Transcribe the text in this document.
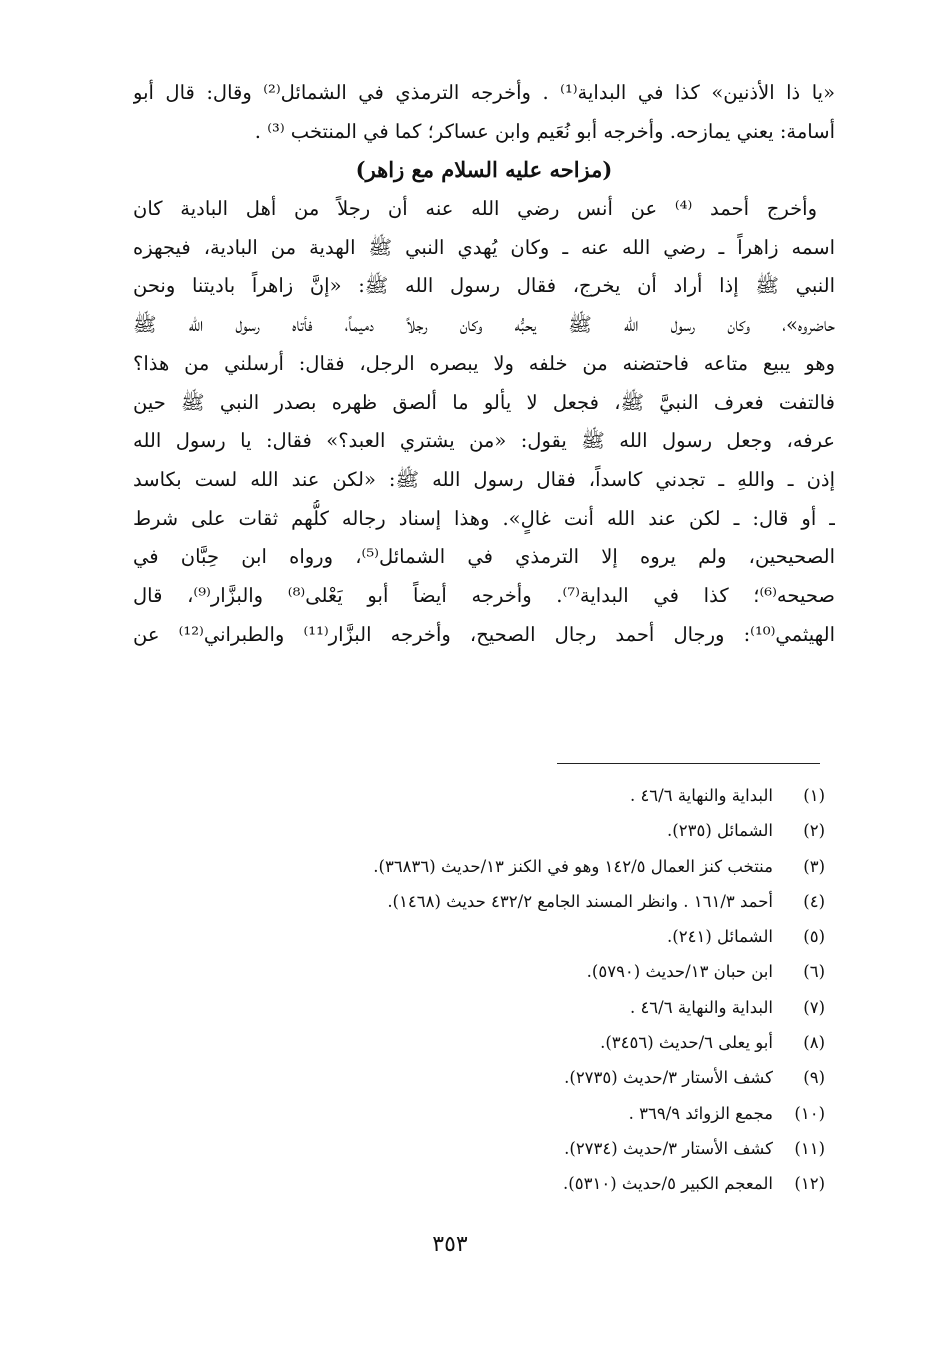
«يا ذا الأذنين» كذا في البداية⁽¹⁾ . وأخرجه الترمذي في الشمائل⁽²⁾ وقال: قال أبو
أسامة: يعني يمازحه. وأخرجه أبو نُعَيم وابن عساكر؛ كما في المنتخب ⁽³⁾ .
(مزاحه عليه السلام مع زاهر)
وأخرج أحمد ⁽⁴⁾ عن أنس رضي الله عنه أن رجلاً من أهل البادية كان
اسمه زاهراً ـ رضي الله عنه ـ وكان يُهدي النبي ﷺ الهدية من البادية، فيجهزه
النبي ﷺ إذا أراد أن يخرج، فقال رسول الله ﷺ: «إنَّ زاهراً باديتنا ونحن
حاضروه»، وكان رسول الله ﷺ يحبُّه وكان رجلاً دميماً، فأتاه رسول الله ﷺ
وهو يبيع متاعه فاحتضنه من خلفه ولا يبصره الرجل، فقال: أرسلني من هذا؟
فالتفت فعرف النبيَّ ﷺ، فجعل لا يألو ما ألصق ظهره بصدر النبي ﷺ حين
عرفه، وجعل رسول الله ﷺ يقول: «من يشتري العبد؟» فقال: يا رسول الله
إذن ـ واللهِ ـ تجدني كاسداً، فقال رسول الله ﷺ: «لكن عند الله لست بكاسد
ـ أو قال: ـ لكن عند الله أنت غالٍ». وهذا إسناد رجاله كلُّهم ثقات على شرط
الصحيحين، ولم يروه إلا الترمذي في الشمائل⁽⁵⁾، ورواه ابن حِبَّان في
صحيحه⁽⁶⁾؛ كذا في البداية⁽⁷⁾. وأخرجه أيضاً أبو يَعْلى⁽⁸⁾ والبزَّار⁽⁹⁾، قال
الهيثمي⁽¹⁰⁾: ورجال أحمد رجال الصحيح، وأخرجه البزَّار⁽¹¹⁾ والطبراني⁽¹²⁾ عن
(١)
البداية والنهاية ٤٦/٦ .
(٢)
الشمائل (٢٣٥).
(٣)
منتخب كنز العمال ١٤٢/٥ وهو في الكنز ١٣/حديث (٣٦٨٣٦).
(٤)
أحمد ١٦١/٣ . وانظر المسند الجامع ٤٣٢/٢ حديث (١٤٦٨).
(٥)
الشمائل (٢٤١).
(٦)
ابن حبان ١٣/حديث (٥٧٩٠).
(٧)
البداية والنهاية ٤٦/٦ .
(٨)
أبو يعلى ٦/حديث (٣٤٥٦).
(٩)
كشف الأستار ٣/حديث (٢٧٣٥).
(١٠)
مجمع الزوائد ٣٦٩/٩ .
(١١)
كشف الأستار ٣/حديث (٢٧٣٤).
(١٢)
المعجم الكبير ٥/حديث (٥٣١٠).
٣٥٣
